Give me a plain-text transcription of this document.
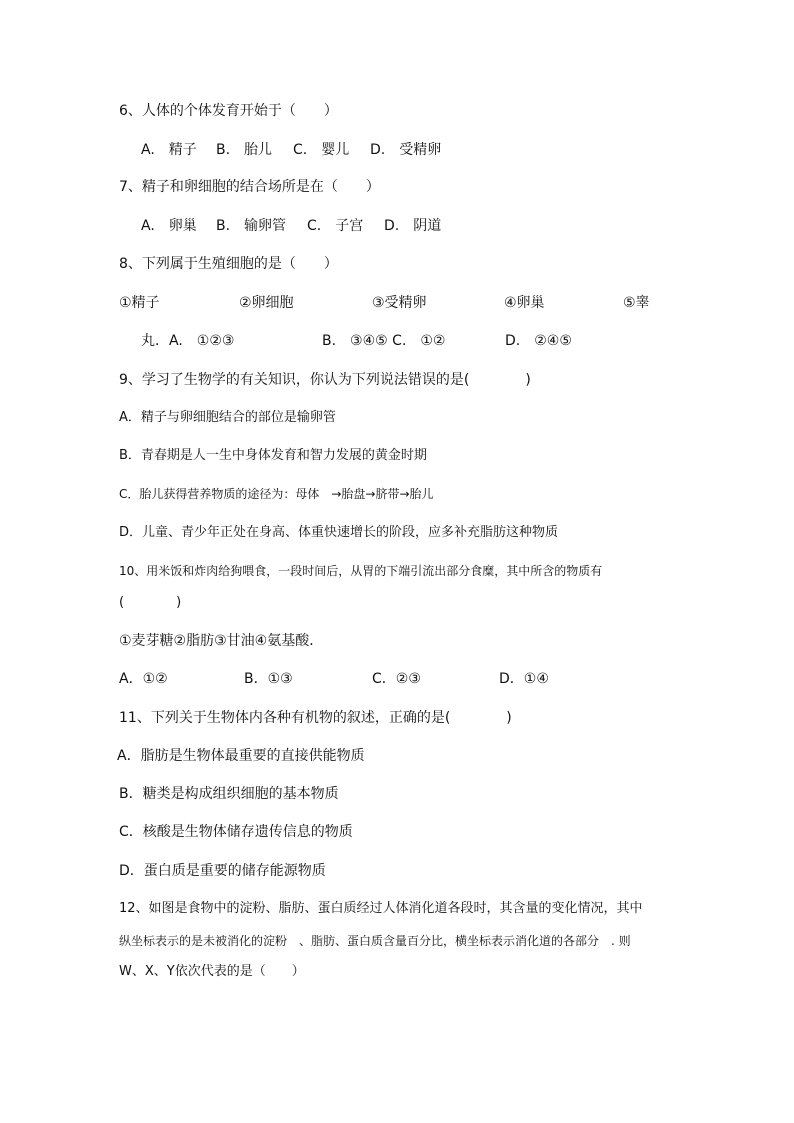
6、人体的个体发育开始于（　　）
A.　精子 B.　胎儿 C.　婴儿 D.　受精卵
7、精子和卵细胞的结合场所是在（　　）
A.　卵巢 B.　输卵管 C.　子宫 D.　阴道
8、下列属于生殖细胞的是（　　）
①精子	②卵细胞	③受精卵	④卵巢	⑤睾
丸．A.　①②③	B.　③④⑤ C.　①②	D.　②④⑤
9、学习了生物学的有关知识，你认为下列说法错误的是(　　　　)
A．精子与卵细胞结合的部位是输卵管
B．青春期是人一生中身体发育和智力发展的黄金时期
C．胎儿获得营养物质的途径为：母体　→胎盘→脐带→胎儿
D．儿童、青少年正处在身高、体重快速增长的阶段，应多补充脂肪这种物质
10、用米饭和炸肉给狗喂食，一段时间后，从胃的下端引流出部分食糜，其中所含的物质有
(　　　　)
①麦芽糖②脂肪③甘油④氨基酸．
A．①②	B．①③	C．②③	D．①④
11、下列关于生物体内各种有机物的叙述，正确的是(　　　　)
A．脂肪是生物体最重要的直接供能物质
B．糖类是构成组织细胞的基本物质
C．核酸是生物体储存遗传信息的物质
D．蛋白质是重要的储存能源物质
12、如图是食物中的淀粉、脂肪、蛋白质经过人体消化道各段时，其含量的变化情况，其中
纵坐标表示的是未被消化的淀粉　、脂肪、蛋白质含量百分比，横坐标表示消化道的各部分　. 则
W、X、Y依次代表的是（　　）
